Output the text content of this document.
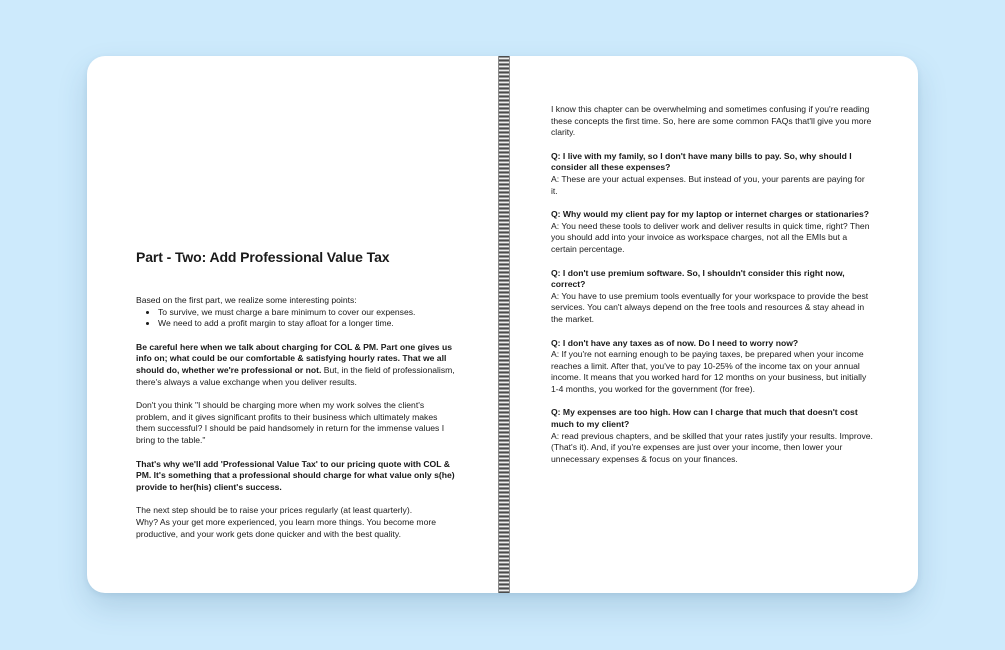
Part - Two: Add Professional Value Tax

Based on the first part, we realize some interesting points:

• To survive, we must charge a bare minimum to cover our expenses.
• We need to add a profit margin to stay afloat for a longer time.

Be careful here when we talk about charging for COL & PM. Part one gives us info on; what could be our comfortable & satisfying hourly rates. That we all should do, whether we're professional or not. But, in the field of professionalism, there's always a value exchange when you deliver results.

Don't you think "I should be charging more when my work solves the client's problem, and it gives significant profits to their business which ultimately makes them successful? I should be paid handsomely in return for the immense values I bring to the table."

That's why we'll add 'Professional Value Tax' to our pricing quote with COL & PM. It's something that a professional should charge for what value only s(he) provide to her(his) client's success.

The next step should be to raise your prices regularly (at least quarterly).
Why? As your get more experienced, you learn more things. You become more productive, and your work gets done quicker and with the best quality.

I know this chapter can be overwhelming and sometimes confusing if you're reading these concepts the first time. So, here are some common FAQs that'll give you more clarity.

Q: I live with my family, so I don't have many bills to pay. So, why should I consider all these expenses?

A: These are your actual expenses. But instead of you, your parents are paying for it.

Q: Why would my client pay for my laptop or internet charges or stationaries?

A: You need these tools to deliver work and deliver results in quick time, right? Then you should add into your invoice as workspace charges, not all the EMIs but a certain percentage.

Q: I don't use premium software. So, I shouldn't consider this right now, correct?

A: You have to use premium tools eventually for your workspace to provide the best services. You can't always depend on the free tools and resources & stay ahead in the market.

Q: I don't have any taxes as of now. Do I need to worry now?

A: If you're not earning enough to be paying taxes, be prepared when your income reaches a limit. After that, you've to pay 10-25% of the income tax on your annual income. It means that you worked hard for 12 months on your business, but initially 1-4 months, you worked for the government (for free).

Q: My expenses are too high. How can I charge that much that doesn't cost much to my client?

A: read previous chapters, and be skilled that your rates justify your results. Improve. (That's it). And, if you're expenses are just over your income, then lower your unnecessary expenses & focus on your finances.
